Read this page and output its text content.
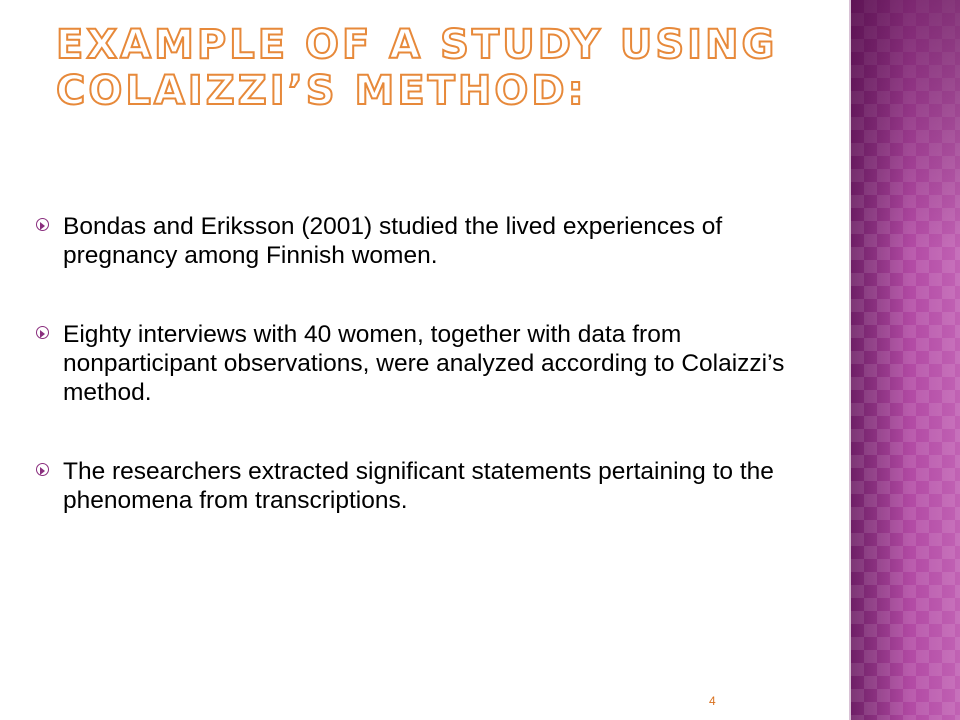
EXAMPLE OF A STUDY USING
COLAIZZI’S METHOD:
Bondas and Eriksson (2001) studied the lived experiences of pregnancy among Finnish women.
Eighty interviews with 40 women, together with data from nonparticipant observations, were analyzed according to Colaizzi’s method.
The researchers extracted significant statements pertaining to the phenomena from transcriptions.
4
